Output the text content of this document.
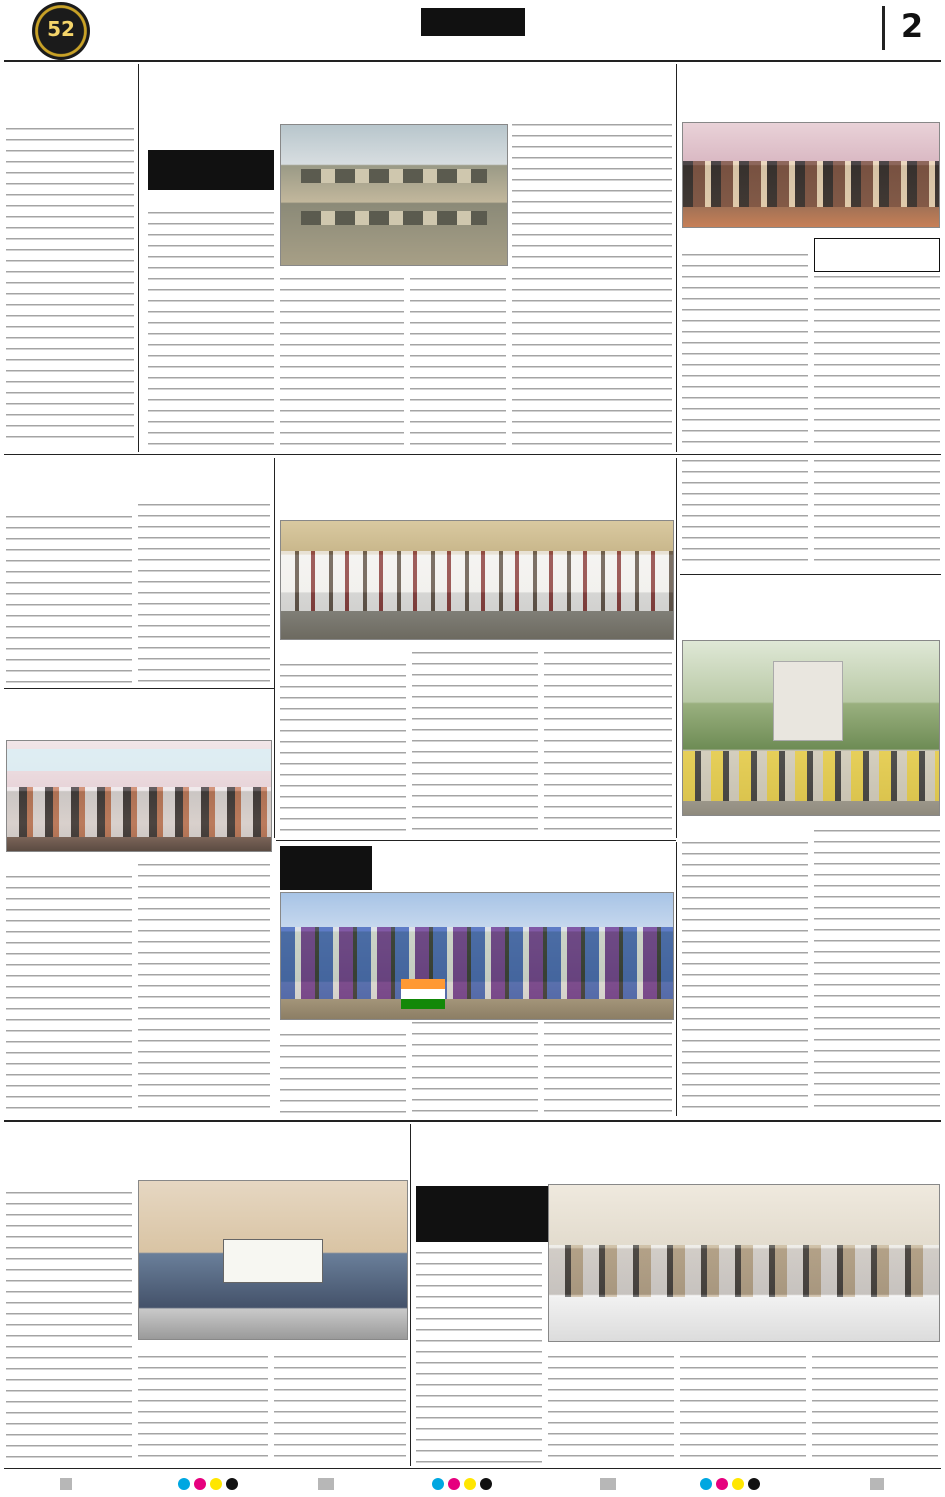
52	2
